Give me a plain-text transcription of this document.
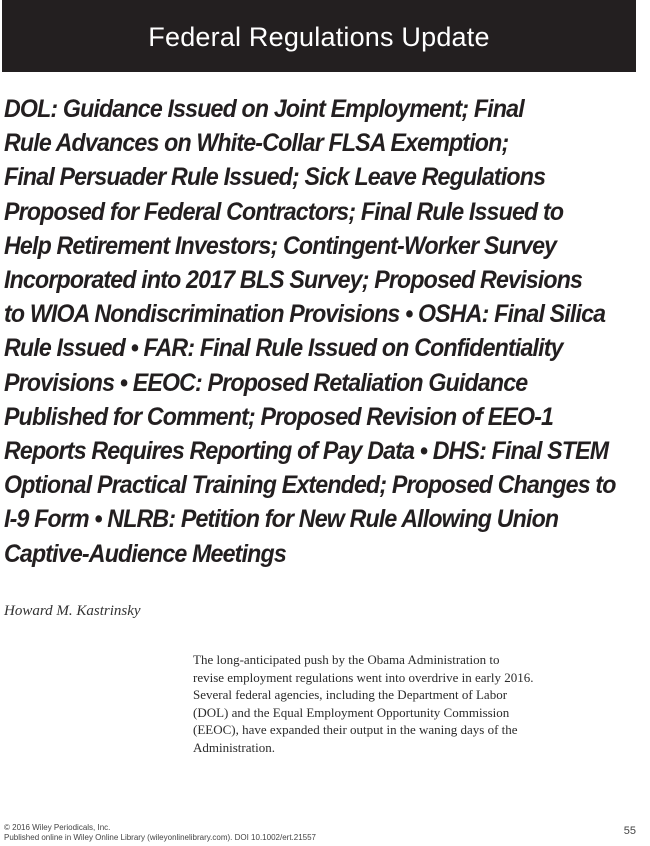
Federal Regulations Update
DOL: Guidance Issued on Joint Employment; Final
Rule Advances on White-Collar FLSA Exemption;
Final Persuader Rule Issued; Sick Leave Regulations
Proposed for Federal Contractors; Final Rule Issued to
Help Retirement Investors; Contingent-Worker Survey
Incorporated into 2017 BLS Survey; Proposed Revisions
to WIOA Nondiscrimination Provisions • OSHA: Final Silica
Rule Issued • FAR: Final Rule Issued on Confidentiality
Provisions • EEOC: Proposed Retaliation Guidance
Published for Comment; Proposed Revision of EEO-1
Reports Requires Reporting of Pay Data • DHS: Final STEM
Optional Practical Training Extended; Proposed Changes to
I-9 Form • NLRB: Petition for New Rule Allowing Union
Captive-Audience Meetings
Howard M. Kastrinsky
The long-anticipated push by the Obama Administration to
revise employment regulations went into overdrive in early 2016.
Several federal agencies, including the Department of Labor
(DOL) and the Equal Employment Opportunity Commission
(EEOC), have expanded their output in the waning days of the
Administration.
© 2016 Wiley Periodicals, Inc.
Published online in Wiley Online Library (wileyonlinelibrary.com). DOI 10.1002/ert.21557
55
